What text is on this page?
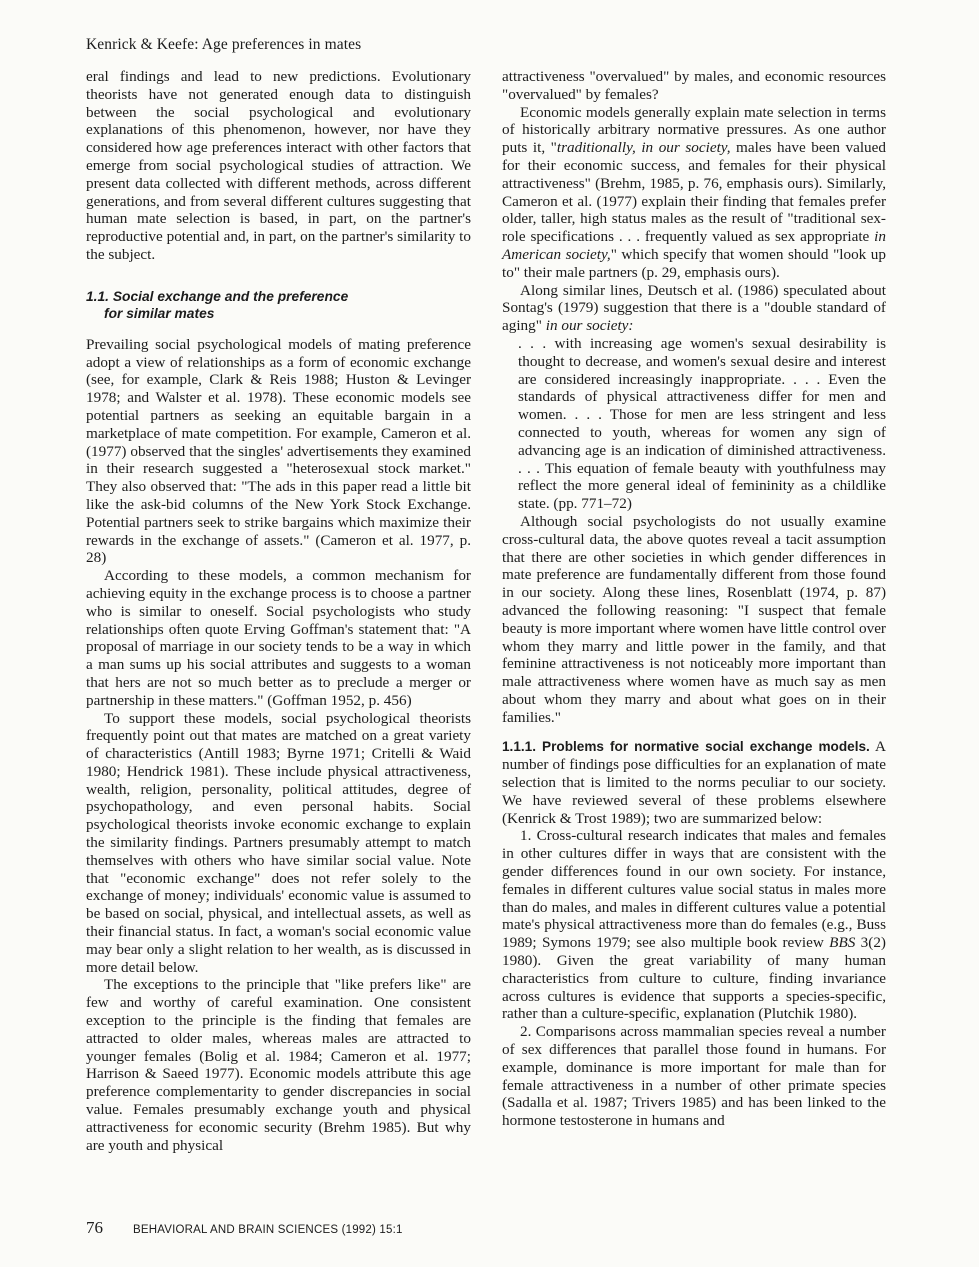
Kenrick & Keefe: Age preferences in mates

eral findings and lead to new predictions. Evolutionary theorists have not generated enough data to distinguish between the social psychological and evolutionary explanations of this phenomenon, however, nor have they considered how age preferences interact with other factors that emerge from social psychological studies of attraction. We present data collected with different methods, across different generations, and from several different cultures suggesting that human mate selection is based, in part, on the partner's reproductive potential and, in part, on the partner's similarity to the subject.

1.1. Social exchange and the preference
for similar mates

Prevailing social psychological models of mating preference adopt a view of relationships as a form of economic exchange (see, for example, Clark & Reis 1988; Huston & Levinger 1978; and Walster et al. 1978). These economic models see potential partners as seeking an equitable bargain in a marketplace of mate competition. For example, Cameron et al. (1977) observed that the singles' advertisements they examined in their research suggested a "heterosexual stock market." They also observed that: "The ads in this paper read a little bit like the ask-bid columns of the New York Stock Exchange. Potential partners seek to strike bargains which maximize their rewards in the exchange of assets." (Cameron et al. 1977, p. 28)

According to these models, a common mechanism for achieving equity in the exchange process is to choose a partner who is similar to oneself. Social psychologists who study relationships often quote Erving Goffman's statement that: "A proposal of marriage in our society tends to be a way in which a man sums up his social attributes and suggests to a woman that hers are not so much better as to preclude a merger or partnership in these matters." (Goffman 1952, p. 456)

To support these models, social psychological theorists frequently point out that mates are matched on a great variety of characteristics (Antill 1983; Byrne 1971; Critelli & Waid 1980; Hendrick 1981). These include physical attractiveness, wealth, religion, personality, political attitudes, degree of psychopathology, and even personal habits. Social psychological theorists invoke economic exchange to explain the similarity findings. Partners presumably attempt to match themselves with others who have similar social value. Note that "economic exchange" does not refer solely to the exchange of money; individuals' economic value is assumed to be based on social, physical, and intellectual assets, as well as their financial status. In fact, a woman's social economic value may bear only a slight relation to her wealth, as is discussed in more detail below.

The exceptions to the principle that "like prefers like" are few and worthy of careful examination. One consistent exception to the principle is the finding that females are attracted to older males, whereas males are attracted to younger females (Bolig et al. 1984; Cameron et al. 1977; Harrison & Saeed 1977). Economic models attribute this age preference complementarity to gender discrepancies in social value. Females presumably exchange youth and physical attractiveness for economic security (Brehm 1985). But why are youth and physical

attractiveness "overvalued" by males, and economic resources "overvalued" by females?

Economic models generally explain mate selection in terms of historically arbitrary normative pressures. As one author puts it, "traditionally, in our society, males have been valued for their economic success, and females for their physical attractiveness" (Brehm, 1985, p. 76, emphasis ours). Similarly, Cameron et al. (1977) explain their finding that females prefer older, taller, high status males as the result of "traditional sex-role specifications . . . frequently valued as sex appropriate in American society," which specify that women should "look up to" their male partners (p. 29, emphasis ours).

Along similar lines, Deutsch et al. (1986) speculated about Sontag's (1979) suggestion that there is a "double standard of aging" in our society:

. . . with increasing age women's sexual desirability is thought to decrease, and women's sexual desire and interest are considered increasingly inappropriate. . . . Even the standards of physical attractiveness differ for men and women. . . . Those for men are less stringent and less connected to youth, whereas for women any sign of advancing age is an indication of diminished attractiveness. . . . This equation of female beauty with youthfulness may reflect the more general ideal of femininity as a childlike state. (pp. 771–72)

Although social psychologists do not usually examine cross-cultural data, the above quotes reveal a tacit assumption that there are other societies in which gender differences in mate preference are fundamentally different from those found in our society. Along these lines, Rosenblatt (1974, p. 87) advanced the following reasoning: "I suspect that female beauty is more important where women have little control over whom they marry and little power in the family, and that feminine attractiveness is not noticeably more important than male attractiveness where women have as much say as men about whom they marry and about what goes on in their families."

1.1.1. Problems for normative social exchange models. A number of findings pose difficulties for an explanation of mate selection that is limited to the norms peculiar to our society. We have reviewed several of these problems elsewhere (Kenrick & Trost 1989); two are summarized below:

1. Cross-cultural research indicates that males and females in other cultures differ in ways that are consistent with the gender differences found in our own society. For instance, females in different cultures value social status in males more than do males, and males in different cultures value a potential mate's physical attractiveness more than do females (e.g., Buss 1989; Symons 1979; see also multiple book review BBS 3(2) 1980). Given the great variability of many human characteristics from culture to culture, finding invariance across cultures is evidence that supports a species-specific, rather than a culture-specific, explanation (Plutchik 1980).

2. Comparisons across mammalian species reveal a number of sex differences that parallel those found in humans. For example, dominance is more important for male than for female attractiveness in a number of other primate species (Sadalla et al. 1987; Trivers 1985) and has been linked to the hormone testosterone in humans and

76	BEHAVIORAL AND BRAIN SCIENCES (1992) 15:1
